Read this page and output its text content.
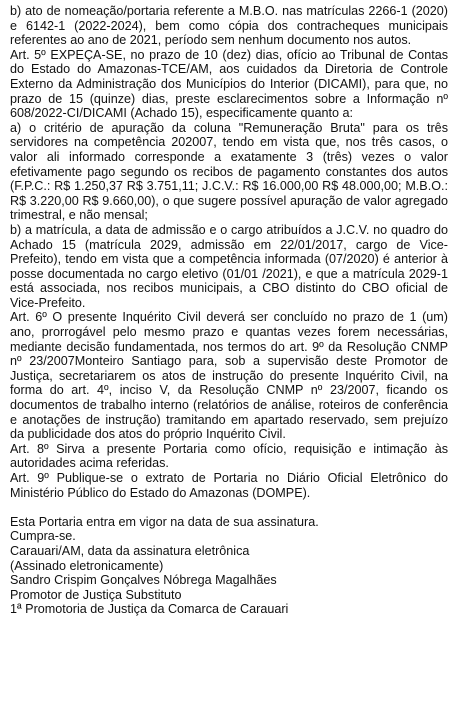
b) ato de nomeação/portaria referente a M.B.O. nas matrículas 2266-1 (2020) e 6142-1 (2022-2024), bem como cópia dos contracheques municipais referentes ao ano de 2021, período sem nenhum documento nos autos.

Art. 5º EXPEÇA-SE, no prazo de 10 (dez) dias, ofício ao Tribunal de Contas do Estado do Amazonas-TCE/AM, aos cuidados da Diretoria de Controle Externo da Administração dos Municípios do Interior (DICAMI), para que, no prazo de 15 (quinze) dias, preste esclarecimentos sobre a Informação nº 608/2022-CI/DICAMI (Achado 15), especificamente quanto a:

a) o critério de apuração da coluna "Remuneração Bruta" para os três servidores na competência 202007, tendo em vista que, nos três casos, o valor ali informado corresponde a exatamente 3 (três) vezes o valor efetivamente pago segundo os recibos de pagamento constantes dos autos (F.P.C.: R$ 1.250,37 R$ 3.751,11; J.C.V.: R$ 16.000,00 R$ 48.000,00; M.B.O.: R$ 3.220,00 R$ 9.660,00), o que sugere possível apuração de valor agregado trimestral, e não mensal;

b) a matrícula, a data de admissão e o cargo atribuídos a J.C.V. no quadro do Achado 15 (matrícula 2029, admissão em 22/01/2017, cargo de Vice-Prefeito), tendo em vista que a competência informada (07/2020) é anterior à posse documentada no cargo eletivo (01/01 /2021), e que a matrícula 2029-1 está associada, nos recibos municipais, a CBO distinto do CBO oficial de Vice-Prefeito.

Art. 6º O presente Inquérito Civil deverá ser concluído no prazo de 1 (um) ano, prorrogável pelo mesmo prazo e quantas vezes forem necessárias, mediante decisão fundamentada, nos termos do art. 9º da Resolução CNMP nº 23/2007Monteiro Santiago para, sob a supervisão deste Promotor de Justiça, secretariarem os atos de instrução do presente Inquérito Civil, na forma do art. 4º, inciso V, da Resolução CNMP nº 23/2007, ficando os documentos de trabalho interno (relatórios de análise, roteiros de conferência e anotações de instrução) tramitando em apartado reservado, sem prejuízo da publicidade dos atos do próprio Inquérito Civil.

Art. 8º Sirva a presente Portaria como ofício, requisição e intimação às autoridades acima referidas.

Art. 9º Publique-se o extrato de Portaria no Diário Oficial Eletrônico do Ministério Público do Estado do Amazonas (DOMPE).

Esta Portaria entra em vigor na data de sua assinatura.

Cumpra-se.

Carauari/AM, data da assinatura eletrônica

(Assinado eletronicamente)

Sandro Crispim Gonçalves Nóbrega Magalhães

Promotor de Justiça Substituto

1ª Promotoria de Justiça da Comarca de Carauari
